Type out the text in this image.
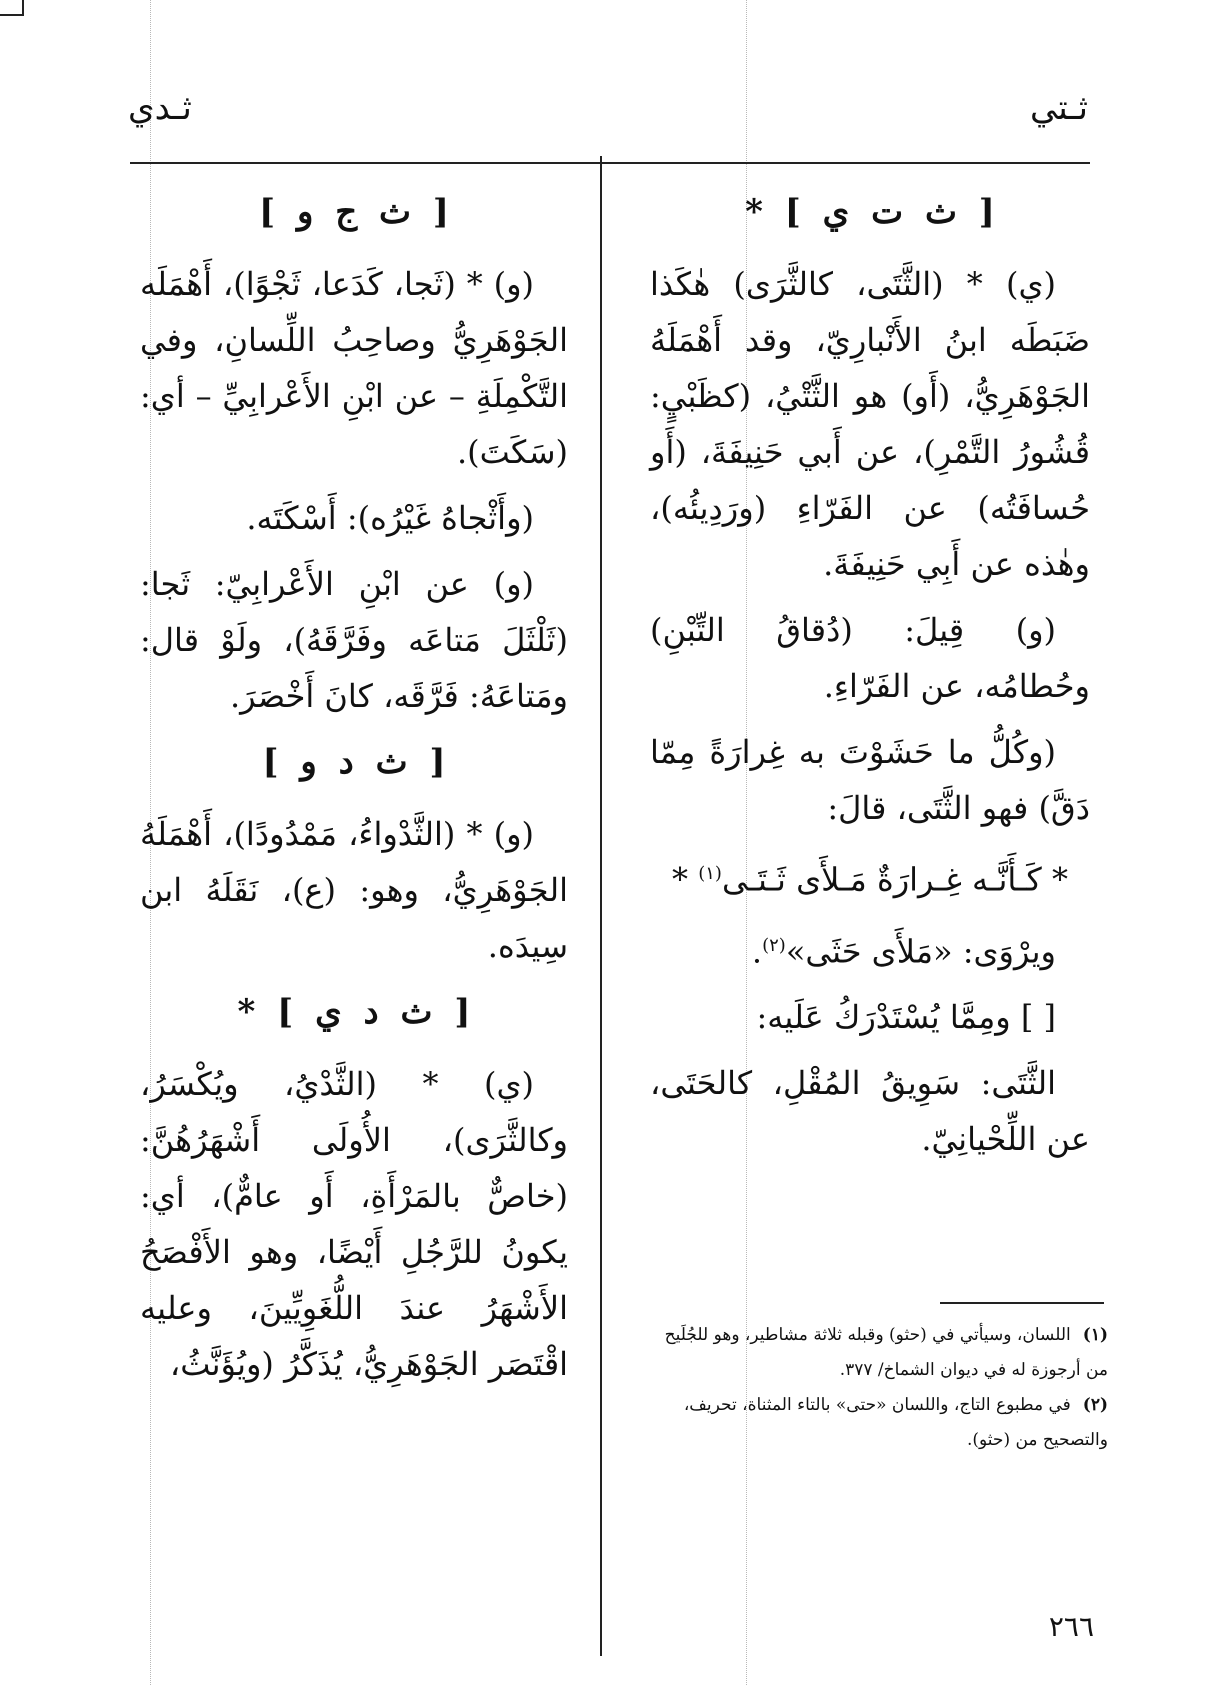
ثـتي
ثـدي
[ ث ت ي ] *

(ي) * (الثَّتَى، كالثَّرَى) هٰكَذا ضَبَطَه ابنُ الأَنْبارِيّ، وقد أَهْمَلَهُ الجَوْهَرِيُّ، (أَو) هو الثَّتْيُ، (كظَبْيٍ: قُشُورُ التَّمْرِ)، عن أَبي حَنِيفَةَ، (أَو حُسافَتُه) عن الفَرّاءِ (ورَدِيئُه)، وهٰذه عن أَبِي حَنِيفَةَ.

(و) قِيلَ: (دُقاقُ التِّبْنِ) وحُطامُه، عن الفَرّاءِ.

(وكُلُّ ما حَشَوْتَ به غِرارَةً مِمّا دَقَّ) فهو الثَّتَى، قالَ:

* كَـأَنَّـه غِـرارَةٌ مَـلأَى ثَـتَـى$^{(١)}$ *

ويرْوَى: «مَلأَى حَثَى»$^{(٢)}$.

[ ] ومِمَّا يُسْتَدْرَكُ عَلَيه:

الثَّتَى: سَوِيقُ المُقْلِ، كالحَتَى، عن اللِّحْيانِيّ.

[ ث ج و ]

(و) * (ثَجا، كَدَعا، ثَجْوًا)، أَهْمَلَه الجَوْهَرِيُّ وصاحِبُ اللِّسانِ، وفي التَّكْمِلَةِ – عن ابْنِ الأَعْرابِيِّ – أي: (سَكَتَ).

(وأَثْجاهُ غَيْرُه): أَسْكَتَه.

(و) عن ابْنِ الأَعْرابِيّ: ثَجا: (ثَلْثَلَ مَتاعَه وفَرَّقَهُ)، ولَوْ قال: ومَتاعَهُ: فَرَّقَه، كانَ أَخْصَرَ.

[ ث د و ]

(و) * (الثَّدْواءُ، مَمْدُودًا)، أَهْمَلَهُ الجَوْهَرِيُّ، وهو: (ع)، نَقَلَهُ ابن سِيدَه.

[ ث د ي ] *

(ي) * (الثَّدْيُ، ويُكْسَرُ، وكالثَّرَى)، الأُولَى أَشْهَرُهُنَّ: (خاصٌّ بالمَرْأَةِ، أَو عامٌّ)، أي: يكونُ للرَّجُلِ أَيْضًا، وهو الأَفْصَحُ الأَشْهَرُ عندَ اللُّغَوِيِّينَ، وعليه اقْتَصَر الجَوْهَرِيُّ، يُذَكَّرُ (ويُؤَنَّثُ،

(١)اللسان، وسيأتي في (حثو) وقبله ثلاثة مشاطير، وهو للجُلَيح من أرجوزة له في ديوان الشماخ/ ٣٧٧.
(٢)في مطبوع التاج، واللسان «حتى» بالتاء المثناة، تحريف، والتصحيح من (حثو).
٢٦٦
